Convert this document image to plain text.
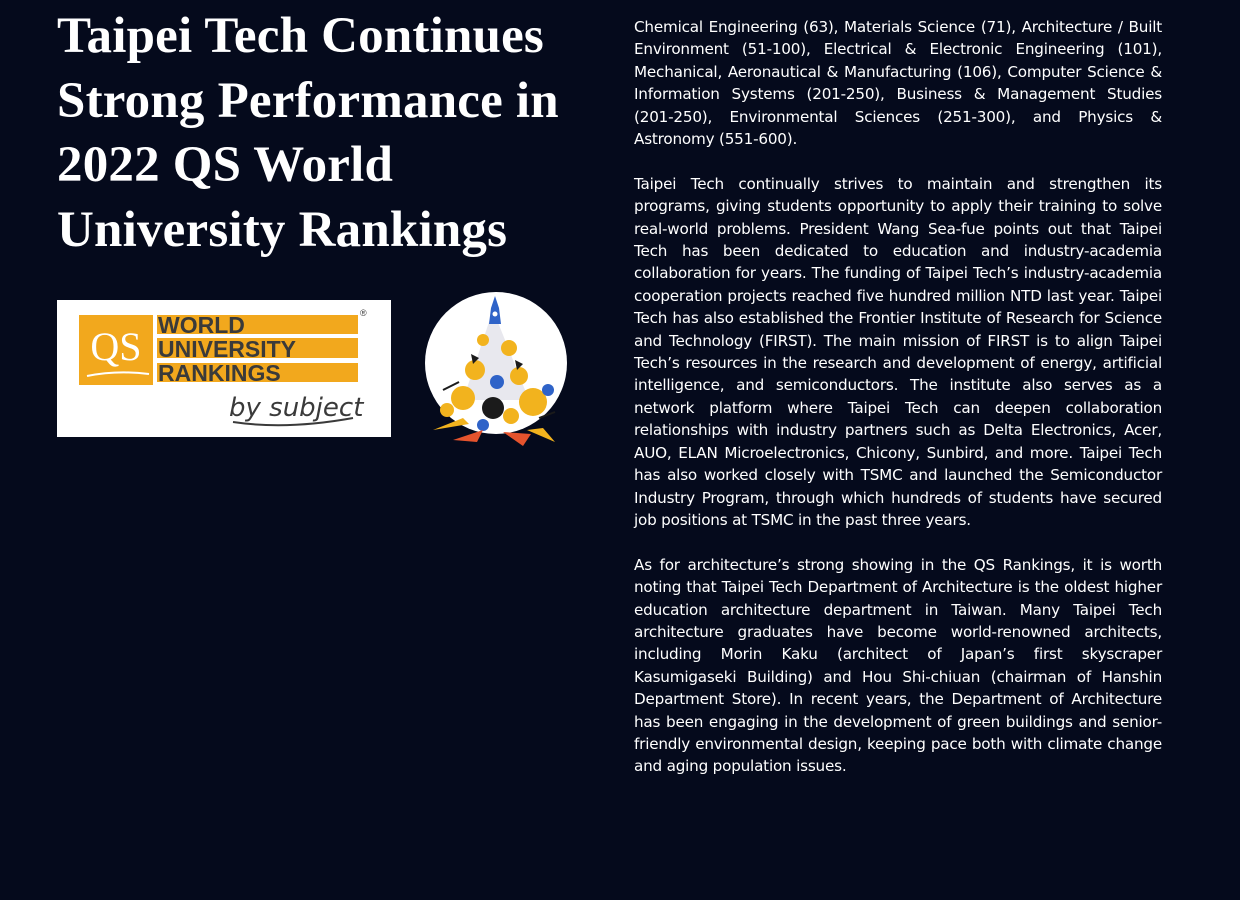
Taipei Tech Continues Strong Performance in 2022 QS World University Rankings
QS WORLD
UNIVERSITY
RANKINGS
®
by subject

Chemical Engineering (63), Materials Science (71), Architecture / Built Environment (51-100), Electrical & Electronic Engineering (101), Mechanical, Aeronautical & Manufacturing (106), Computer Science & Information Systems (201-250), Business & Management Studies (201-250), Environmental Sciences (251-300), and Physics & Astronomy (551-600).

Taipei Tech continually strives to maintain and strengthen its programs, giving students opportunity to apply their training to solve real-world problems. President Wang Sea-fue points out that Taipei Tech has been dedicated to education and industry-academia collaboration for years. The funding of Taipei Tech’s industry-academia cooperation projects reached five hundred million NTD last year. Taipei Tech has also established the Frontier Institute of Research for Science and Technology (FIRST). The main mission of FIRST is to align Taipei Tech’s resources in the research and development of energy, artificial intelligence, and semiconductors. The institute also serves as a network platform where Taipei Tech can deepen collaboration relationships with industry partners such as Delta Electronics, Acer, AUO, ELAN Microelectronics, Chicony, Sunbird, and more. Taipei Tech has also worked closely with TSMC and launched the Semiconductor Industry Program, through which hundreds of students have secured job positions at TSMC in the past three years.

As for architecture’s strong showing in the QS Rankings, it is worth noting that Taipei Tech Department of Architecture is the oldest higher education architecture department in Taiwan. Many Taipei Tech architecture graduates have become world-renowned architects, including Morin Kaku (architect of Japan’s first skyscraper Kasumigaseki Building) and Hou Shi-chiuan (chairman of Hanshin Department Store). In recent years, the Department of Architecture has been engaging in the development of green buildings and senior-friendly environmental design, keeping pace both with climate change and aging population issues.
